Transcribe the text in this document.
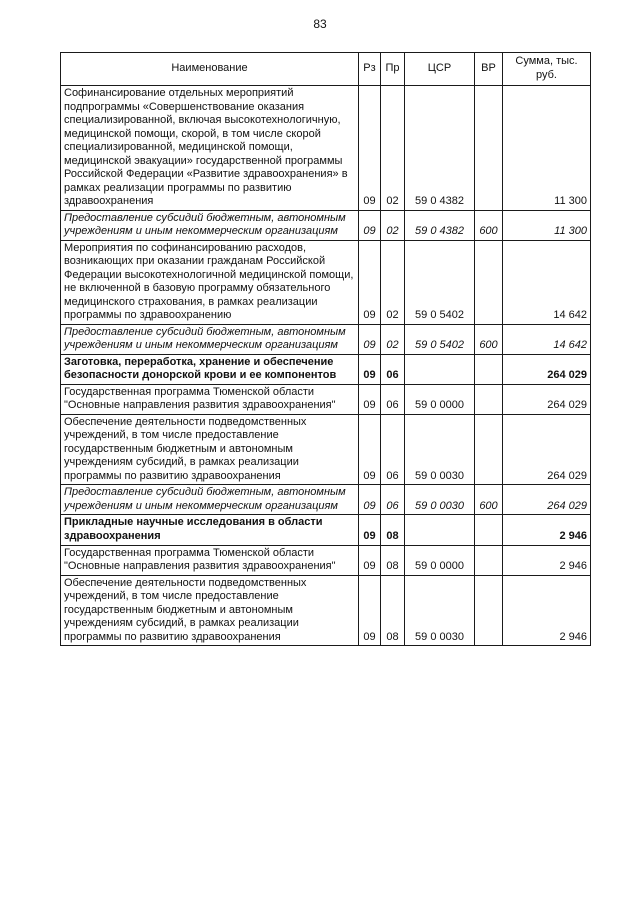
83
Наименование	Рз	Пр	ЦСР	ВР	Сумма, тыс. руб.
Софинансирование отдельных мероприятий подпрограммы «Совершенствование оказания специализированной, включая высокотехнологичную, медицинской помощи, скорой, в том числе скорой специализированной, медицинской помощи, медицинской эвакуации» государственной программы Российской Федерации «Развитие здравоохранения» в рамках реализации программы по развитию здравоохранения	09	02	59 0 4382		11 300
Предоставление субсидий бюджетным, автономным учреждениям и иным некоммерческим организациям	09	02	59 0 4382	600	11 300
Мероприятия по софинансированию расходов, возникающих при оказании гражданам Российской Федерации высокотехнологичной медицинской помощи, не включенной в базовую программу обязательного медицинского страхования, в рамках реализации программы по здравоохранению	09	02	59 0 5402		14 642
Предоставление субсидий бюджетным, автономным учреждениям и иным некоммерческим организациям	09	02	59 0 5402	600	14 642
Заготовка, переработка, хранение и обеспечение безопасности донорской крови и ее компонентов	09	06			264 029
Государственная программа Тюменской области "Основные направления развития здравоохранения"	09	06	59 0 0000		264 029
Обеспечение деятельности подведомственных учреждений, в том числе предоставление государственным бюджетным и автономным учреждениям субсидий, в рамках реализации программы по развитию здравоохранения	09	06	59 0 0030		264 029
Предоставление субсидий бюджетным, автономным учреждениям и иным некоммерческим организациям	09	06	59 0 0030	600	264 029
Прикладные научные исследования в области здравоохранения	09	08			2 946
Государственная программа Тюменской области "Основные направления развития здравоохранения"	09	08	59 0 0000		2 946
Обеспечение деятельности подведомственных учреждений, в том числе предоставление государственным бюджетным и автономным учреждениям субсидий, в рамках реализации программы по развитию здравоохранения	09	08	59 0 0030		2 946
